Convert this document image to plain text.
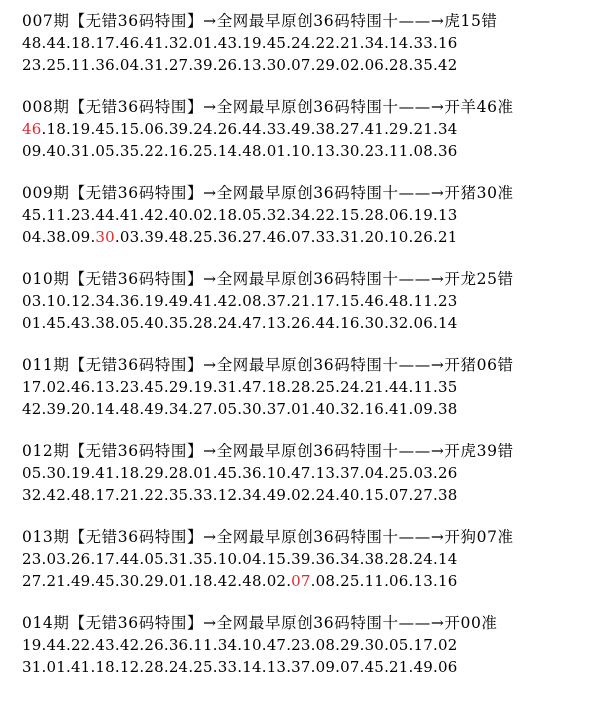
007期【无错36码特围】→全网最早原创36码特围十——→虎15错
48.44.18.17.46.41.32.01.43.19.45.24.22.21.34.14.33.16
23.25.11.36.04.31.27.39.26.13.30.07.29.02.06.28.35.42
008期【无错36码特围】→全网最早原创36码特围十——→开羊46准
46.18.19.45.15.06.39.24.26.44.33.49.38.27.41.29.21.34
09.40.31.05.35.22.16.25.14.48.01.10.13.30.23.11.08.36
009期【无错36码特围】→全网最早原创36码特围十——→开猪30准
45.11.23.44.41.42.40.02.18.05.32.34.22.15.28.06.19.13
04.38.09.30.03.39.48.25.36.27.46.07.33.31.20.10.26.21
010期【无错36码特围】→全网最早原创36码特围十——→开龙25错
03.10.12.34.36.19.49.41.42.08.37.21.17.15.46.48.11.23
01.45.43.38.05.40.35.28.24.47.13.26.44.16.30.32.06.14
011期【无错36码特围】→全网最早原创36码特围十——→开猪06错
17.02.46.13.23.45.29.19.31.47.18.28.25.24.21.44.11.35
42.39.20.14.48.49.34.27.05.30.37.01.40.32.16.41.09.38
012期【无错36码特围】→全网最早原创36码特围十——→开虎39错
05.30.19.41.18.29.28.01.45.36.10.47.13.37.04.25.03.26
32.42.48.17.21.22.35.33.12.34.49.02.24.40.15.07.27.38
013期【无错36码特围】→全网最早原创36码特围十——→开狗07准
23.03.26.17.44.05.31.35.10.04.15.39.36.34.38.28.24.14
27.21.49.45.30.29.01.18.42.48.02.07.08.25.11.06.13.16
014期【无错36码特围】→全网最早原创36码特围十——→开00准
19.44.22.43.42.26.36.11.34.10.47.23.08.29.30.05.17.02
31.01.41.18.12.28.24.25.33.14.13.37.09.07.45.21.49.06
